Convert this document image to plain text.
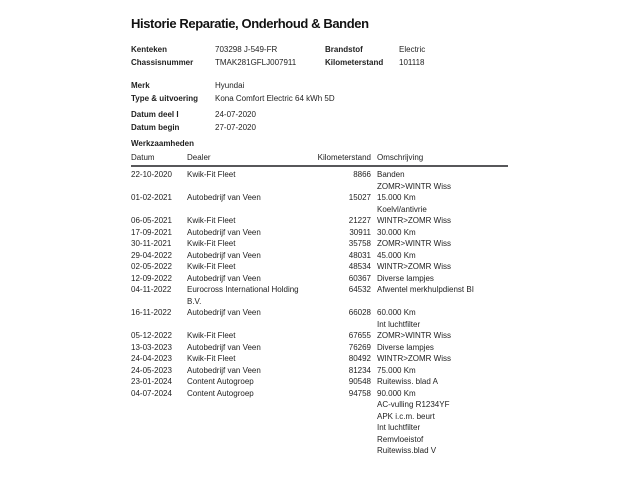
Historie Reparatie, Onderhoud & Banden
Kenteken	703298 J-549-FR	Brandstof	Electric
Chassisnummer	TMAK281GFLJ007911	Kilometerstand	101118
Merk	Hyundai
Type & uitvoering	Kona Comfort Electric 64 kWh 5D
Datum deel I	24-07-2020
Datum begin	27-07-2020
Werkzaamheden
Datum	Dealer	Kilometerstand Omschrijving
22-10-2020	Kwik-Fit Fleet	8866 Banden
ZOMR>WINTR Wiss
01-02-2021	Autobedrijf van Veen	15027 15.000 Km
Koelvl/antivrie
06-05-2021	Kwik-Fit Fleet	21227 WINTR>ZOMR Wiss
17-09-2021	Autobedrijf van Veen	30911 30.000 Km
30-11-2021	Kwik-Fit Fleet	35758 ZOMR>WINTR Wiss
29-04-2022	Autobedrijf van Veen	48031 45.000 Km
02-05-2022	Kwik-Fit Fleet	48534 WINTR>ZOMR Wiss
12-09-2022	Autobedrijf van Veen	60367 Diverse lampjes
04-11-2022	Eurocross International Holding B.V.
64532 Afwentel merkhulpdienst BI
16-11-2022	Autobedrijf van Veen	66028 60.000 Km
Int luchtfilter
05-12-2022	Kwik-Fit Fleet	67655 ZOMR>WINTR Wiss
13-03-2023	Autobedrijf van Veen	76269 Diverse lampjes
24-04-2023	Kwik-Fit Fleet	80492 WINTR>ZOMR Wiss
24-05-2023	Autobedrijf van Veen	81234 75.000 Km
23-01-2024	Content Autogroep	90548 Ruitewiss. blad A
04-07-2024	Content Autogroep	94758 90.000 Km
AC-vulling R1234YF
APK i.c.m. beurt
Int luchtfilter
Remvloeistof
Ruitewiss.blad V
